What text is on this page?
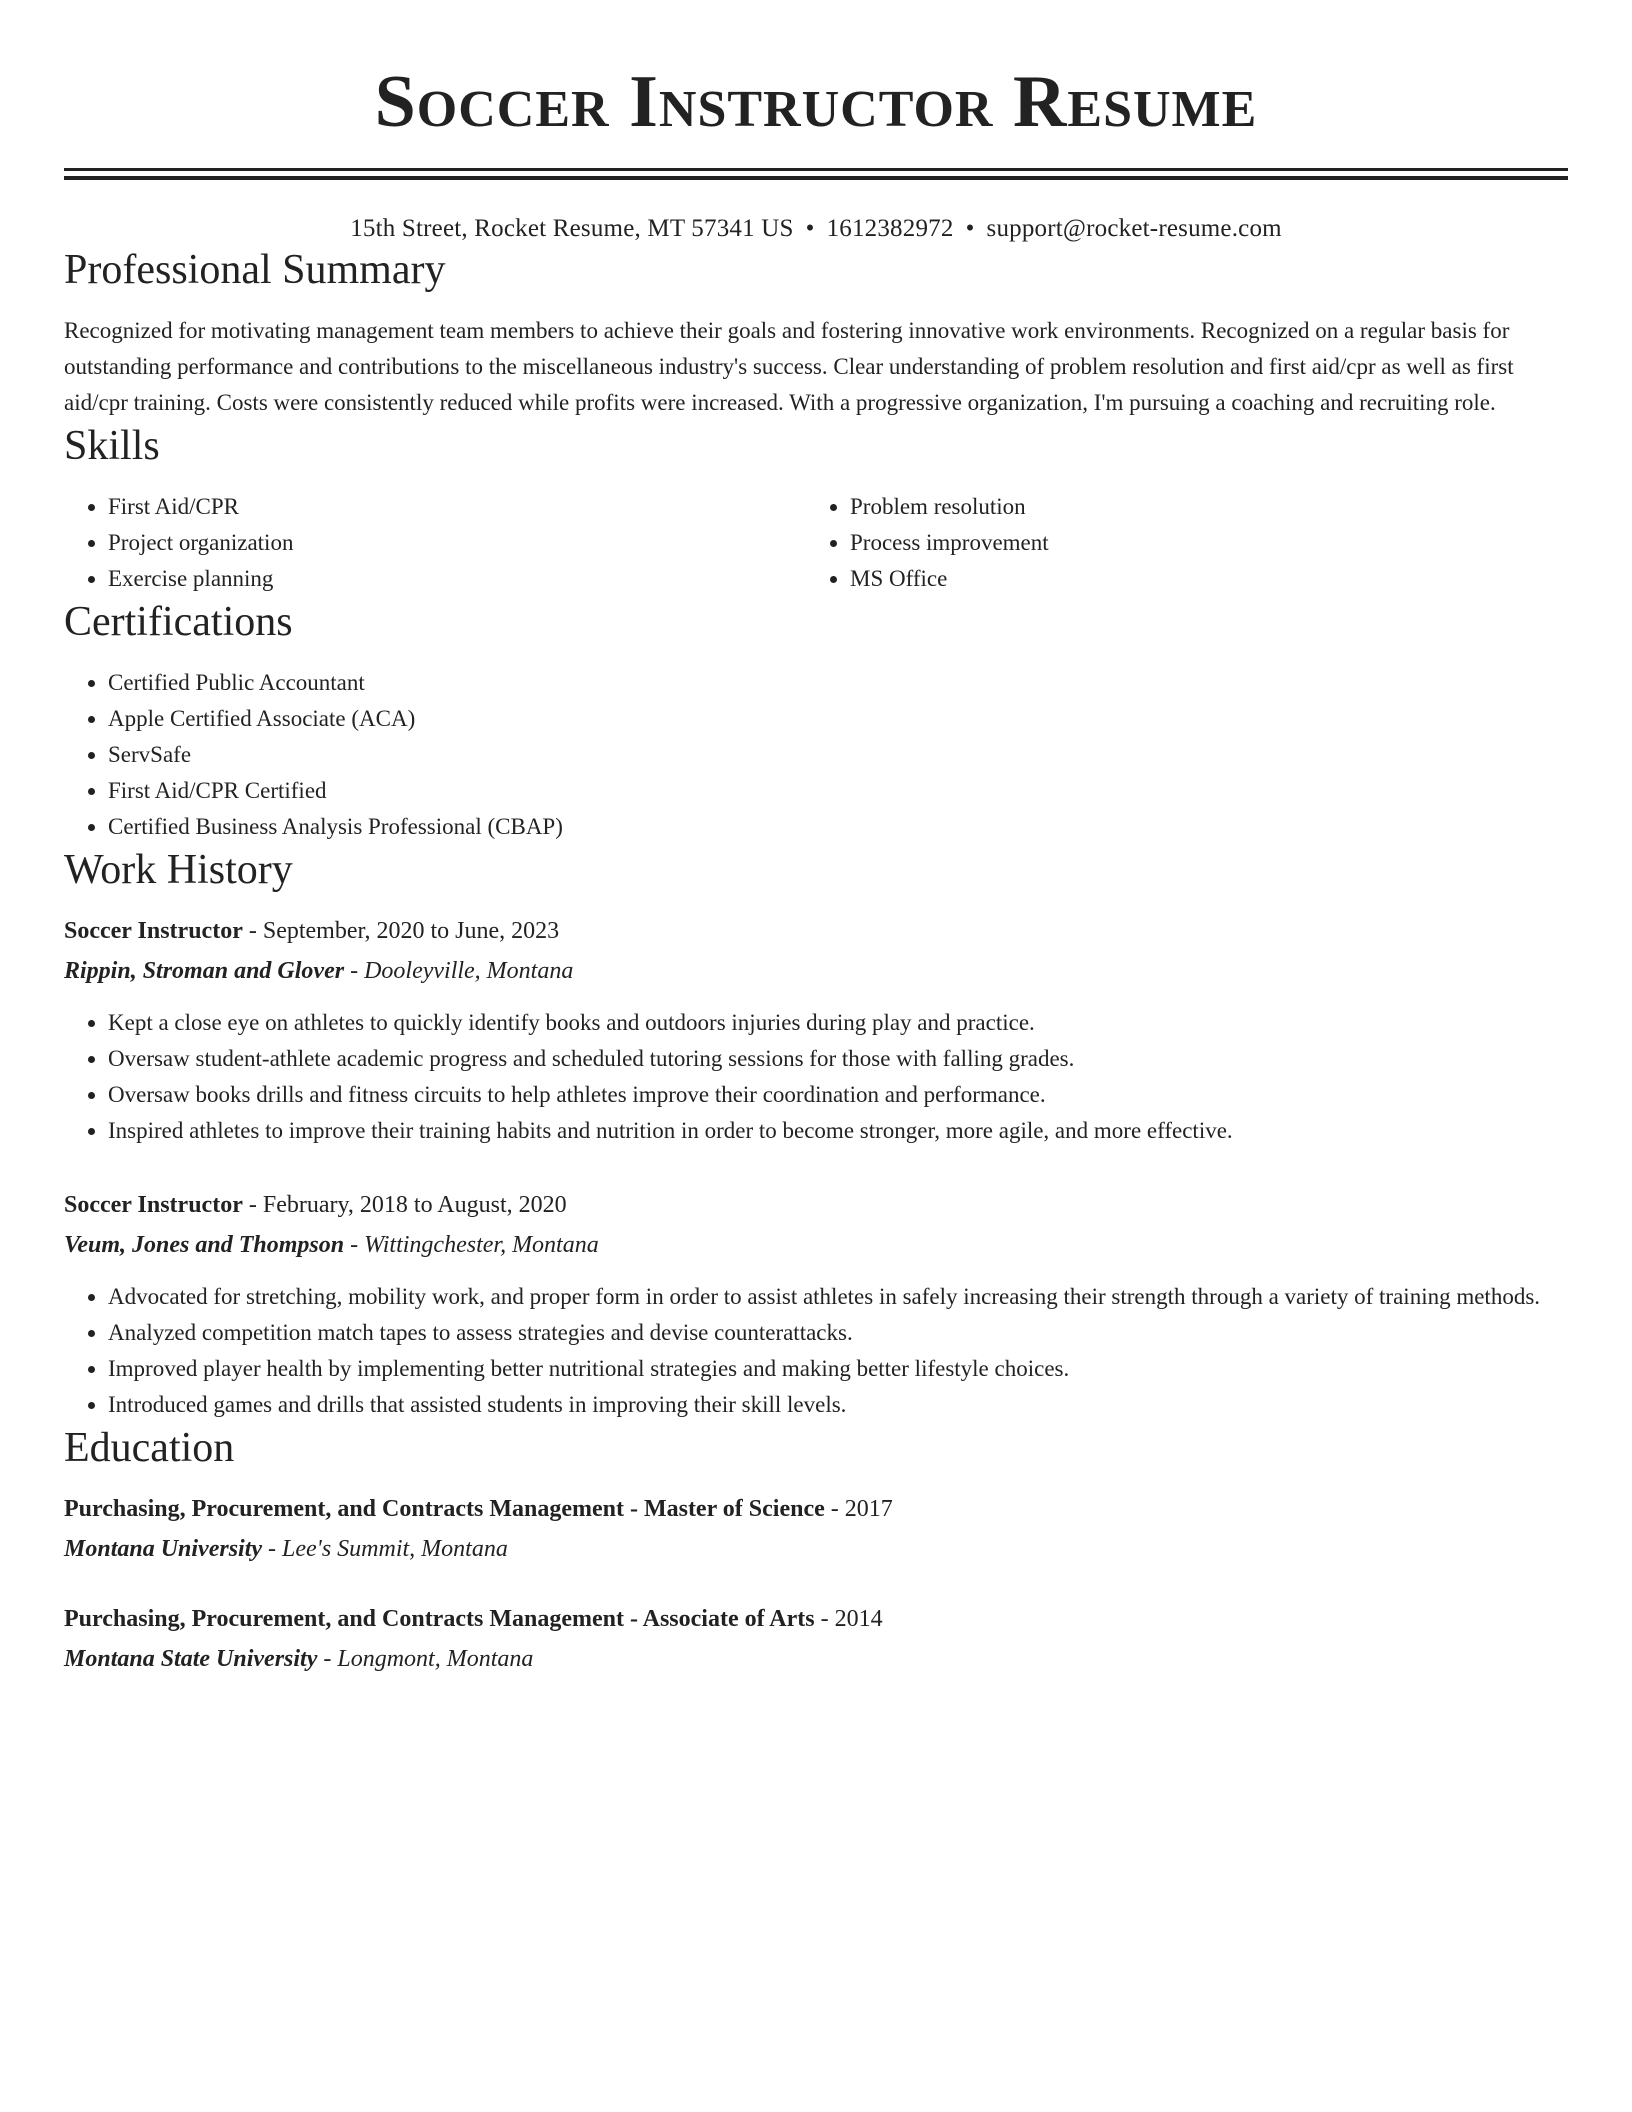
Soccer Instructor Resume
15th Street, Rocket Resume, MT 57341 US • 1612382972 • support@rocket-resume.com
Professional Summary
Recognized for motivating management team members to achieve their goals and fostering innovative work environments. Recognized on a regular basis for outstanding performance and contributions to the miscellaneous industry's success. Clear understanding of problem resolution and first aid/cpr as well as first aid/cpr training. Costs were consistently reduced while profits were increased. With a progressive organization, I'm pursuing a coaching and recruiting role.
Skills
• First Aid/CPR
• Project organization
• Exercise planning
• Problem resolution
• Process improvement
• MS Office
Certifications
• Certified Public Accountant
• Apple Certified Associate (ACA)
• ServSafe
• First Aid/CPR Certified
• Certified Business Analysis Professional (CBAP)
Work History
Soccer Instructor - September, 2020 to June, 2023
Rippin, Stroman and Glover - Dooleyville, Montana
• Kept a close eye on athletes to quickly identify books and outdoors injuries during play and practice.
• Oversaw student-athlete academic progress and scheduled tutoring sessions for those with falling grades.
• Oversaw books drills and fitness circuits to help athletes improve their coordination and performance.
• Inspired athletes to improve their training habits and nutrition in order to become stronger, more agile, and more effective.
Soccer Instructor - February, 2018 to August, 2020
Veum, Jones and Thompson - Wittingchester, Montana
• Advocated for stretching, mobility work, and proper form in order to assist athletes in safely increasing their strength through a variety of training methods.
• Analyzed competition match tapes to assess strategies and devise counterattacks.
• Improved player health by implementing better nutritional strategies and making better lifestyle choices.
• Introduced games and drills that assisted students in improving their skill levels.
Education
Purchasing, Procurement, and Contracts Management - Master of Science - 2017
Montana University - Lee's Summit, Montana
Purchasing, Procurement, and Contracts Management - Associate of Arts - 2014
Montana State University - Longmont, Montana
